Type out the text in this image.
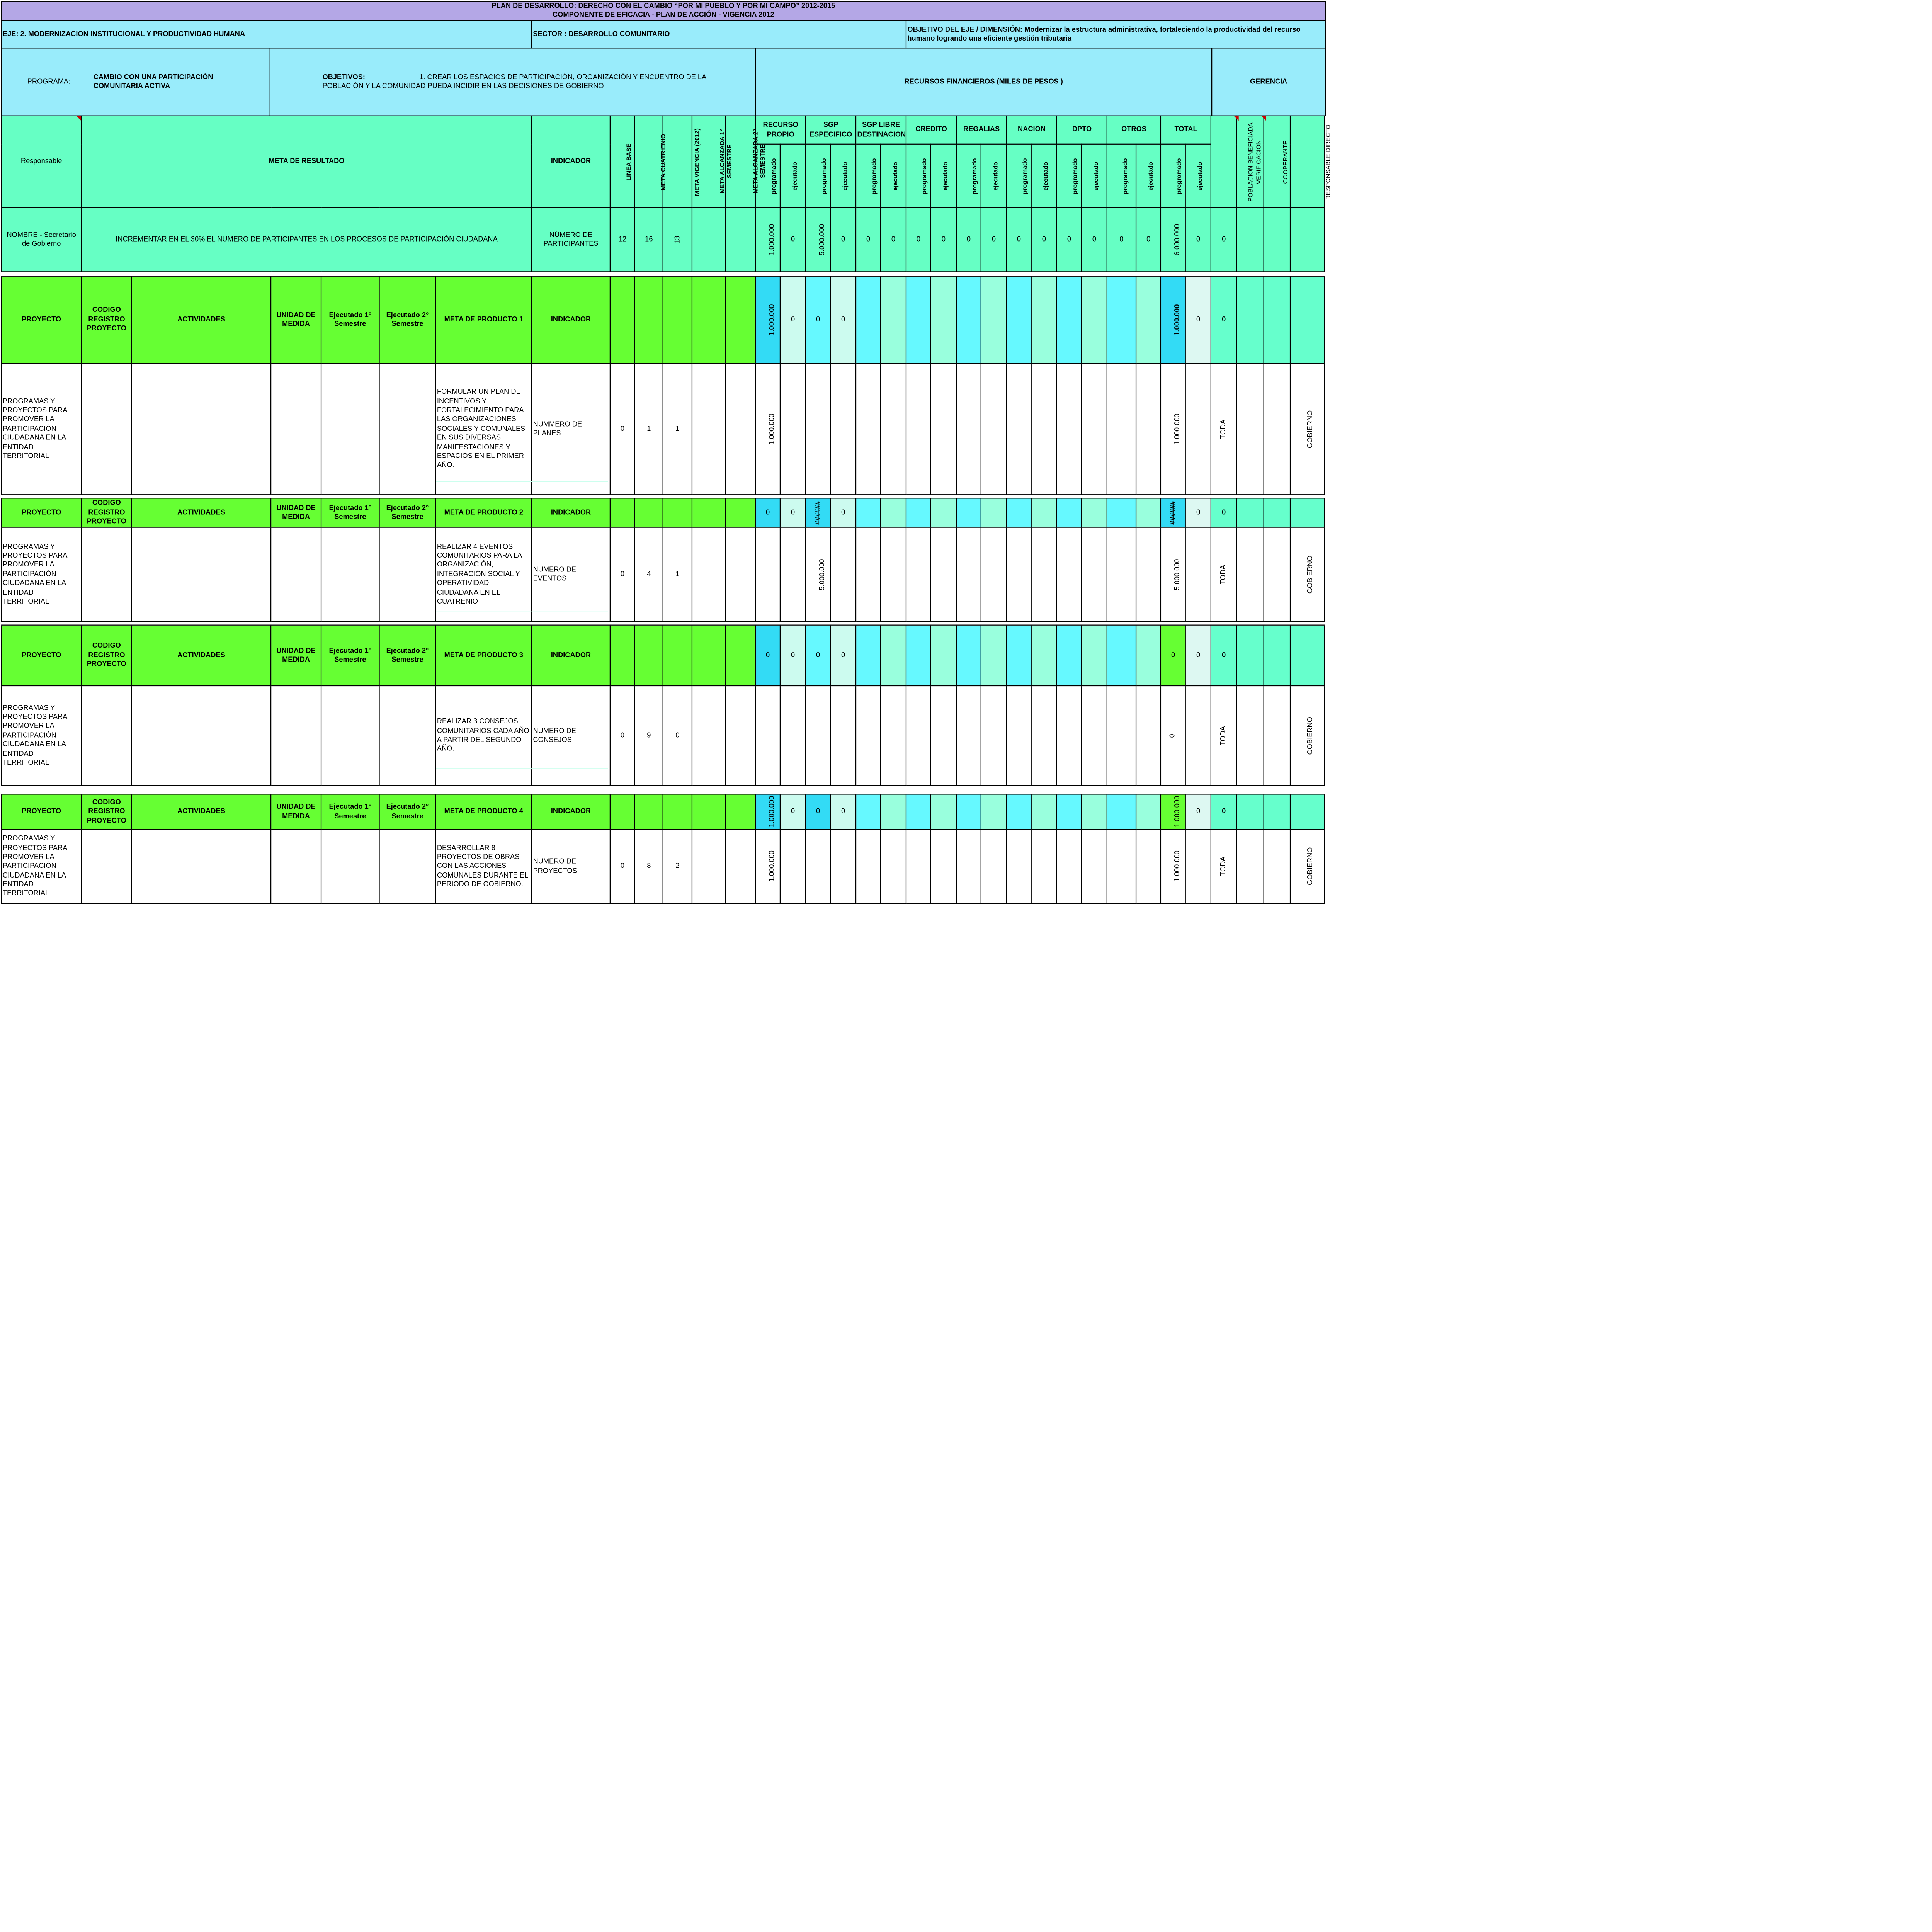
PLAN DE DESARROLLO: DERECHO CON EL CAMBIO “POR MI PUEBLO Y POR MI CAMPO” 2012-2015
COMPONENTE DE EFICACIA - PLAN DE ACCIÓN - VIGENCIA 2012
EJE: 2. MODERNIZACION INSTITUCIONAL Y PRODUCTIVIDAD HUMANA	SECTOR : DESARROLLO COMUNITARIO	OBJETIVO DEL EJE / DIMENSIÓN: Modernizar la estructura administrativa, fortaleciendo la productividad del recurso humano logrando una eficiente gestión tributaria
PROGRAMA:
CAMBIO CON UNA PARTICIPACIÓN COMUNITARIA ACTIVA

OBJETIVOS:	1. CREAR LOS ESPACIOS DE PARTICIPACIÓN, ORGANIZACIÓN Y ENCUENTRO DE LA POBLACIÓN Y LA COMUNIDAD PUEDA INCIDIR EN LAS DECISIONES DE GOBIERNO
	RECURSOS FINANCIEROS (MILES DE PESOS )	GERENCIA
Responsable	META DE RESULTADO						INDICADOR	LINEA BASE	META CUATRIENIO	META VIGENCIA (2012)	META ALCANZADA 1° SEMESTRE	META ALCANZADA 2° SEMESTRE	RECURSO PROPIO		SGP ESPECIFICO		SGP LIBRE DESTINACION		CREDITO		REGALIAS		NACION		DPTO		OTROS		TOTAL		POBLACION BENEFICIADA	VERIFICACION	COOPERANTE	RESPONSABLE DIRECTO
													programado	ejecutado	programado	ejecutado	programado	ejecutado	programado	ejecutado	programado	ejecutado	programado	ejecutado	programado	ejecutado	programado	ejecutado	programado	ejecutado				
NOMBRE - Secretario de Gobierno	INCREMENTAR EN EL 30% EL NUMERO DE PARTICIPANTES EN LOS PROCESOS DE PARTICIPACIÓN CIUDADANA						NÚMERO DE PARTICIPANTES	12	16	13			1.000.000	0	5.000.000	0	0	0	0	0	0	0	0	0	0	0	0	0	6.000.000	0	0			

PROYECTO	CODIGO REGISTRO PROYECTO	ACTIVIDADES	UNIDAD DE MEDIDA	Ejecutado 1° Semestre	Ejecutado 2° Semestre	META DE PRODUCTO 1	INDICADOR						1.000.000	0	0	0													1.000.000	0	0			
PROGRAMAS Y PROYECTOS PARA PROMOVER LA PARTICIPACIÓN CIUDADANA EN LA ENTIDAD TERRITORIAL						FORMULAR UN PLAN DE INCENTIVOS Y FORTALECIMIENTO PARA LAS ORGANIZACIONES SOCIALES Y COMUNALES EN SUS DIVERSAS MANIFESTACIONES Y ESPACIOS EN EL PRIMER AÑO.	NUMMERO DE PLANES	0	1	1			1.000.000																1.000.000		TODA			GOBIERNO

PROYECTO	CODIGO REGISTRO PROYECTO	ACTIVIDADES	UNIDAD DE MEDIDA	Ejecutado 1° Semestre	Ejecutado 2° Semestre	META DE PRODUCTO 2	INDICADOR						0	0	######	0													######	0	0			
PROGRAMAS Y PROYECTOS PARA PROMOVER LA PARTICIPACIÓN CIUDADANA EN LA ENTIDAD TERRITORIAL						REALIZAR 4 EVENTOS COMUNITARIOS PARA LA ORGANIZACIÓN, INTEGRACIÓN SOCIAL Y OPERATIVIDAD CIUDADANA EN EL CUATRENIO	NUMERO DE EVENTOS	0	4	1					5.000.000														5.000.000		TODA			GOBIERNO

PROYECTO	CODIGO REGISTRO PROYECTO	ACTIVIDADES	UNIDAD DE MEDIDA	Ejecutado 1° Semestre	Ejecutado 2° Semestre	META DE PRODUCTO 3	INDICADOR						0	0	0	0													0	0	0			
PROGRAMAS Y PROYECTOS PARA PROMOVER LA PARTICIPACIÓN CIUDADANA EN LA ENTIDAD TERRITORIAL						REALIZAR 3 CONSEJOS COMUNITARIOS CADA AÑO A PARTIR DEL SEGUNDO AÑO.	NUMERO DE CONSEJOS	0	9	0																			0		TODA			GOBIERNO

PROYECTO	CODIGO REGISTRO PROYECTO	ACTIVIDADES	UNIDAD DE MEDIDA	Ejecutado 1° Semestre	Ejecutado 2° Semestre	META DE PRODUCTO 4	INDICADOR						1.000.000	0	0	0													1.000.000	0	0			
PROGRAMAS Y PROYECTOS PARA PROMOVER LA PARTICIPACIÓN CIUDADANA EN LA ENTIDAD TERRITORIAL						DESARROLLAR 8 PROYECTOS DE OBRAS CON LAS ACCIONES COMUNALES DURANTE EL PERIODO DE GOBIERNO.	NUMERO DE PROYECTOS	0	8	2			1.000.000																1.000.000		TODA			GOBIERNO
